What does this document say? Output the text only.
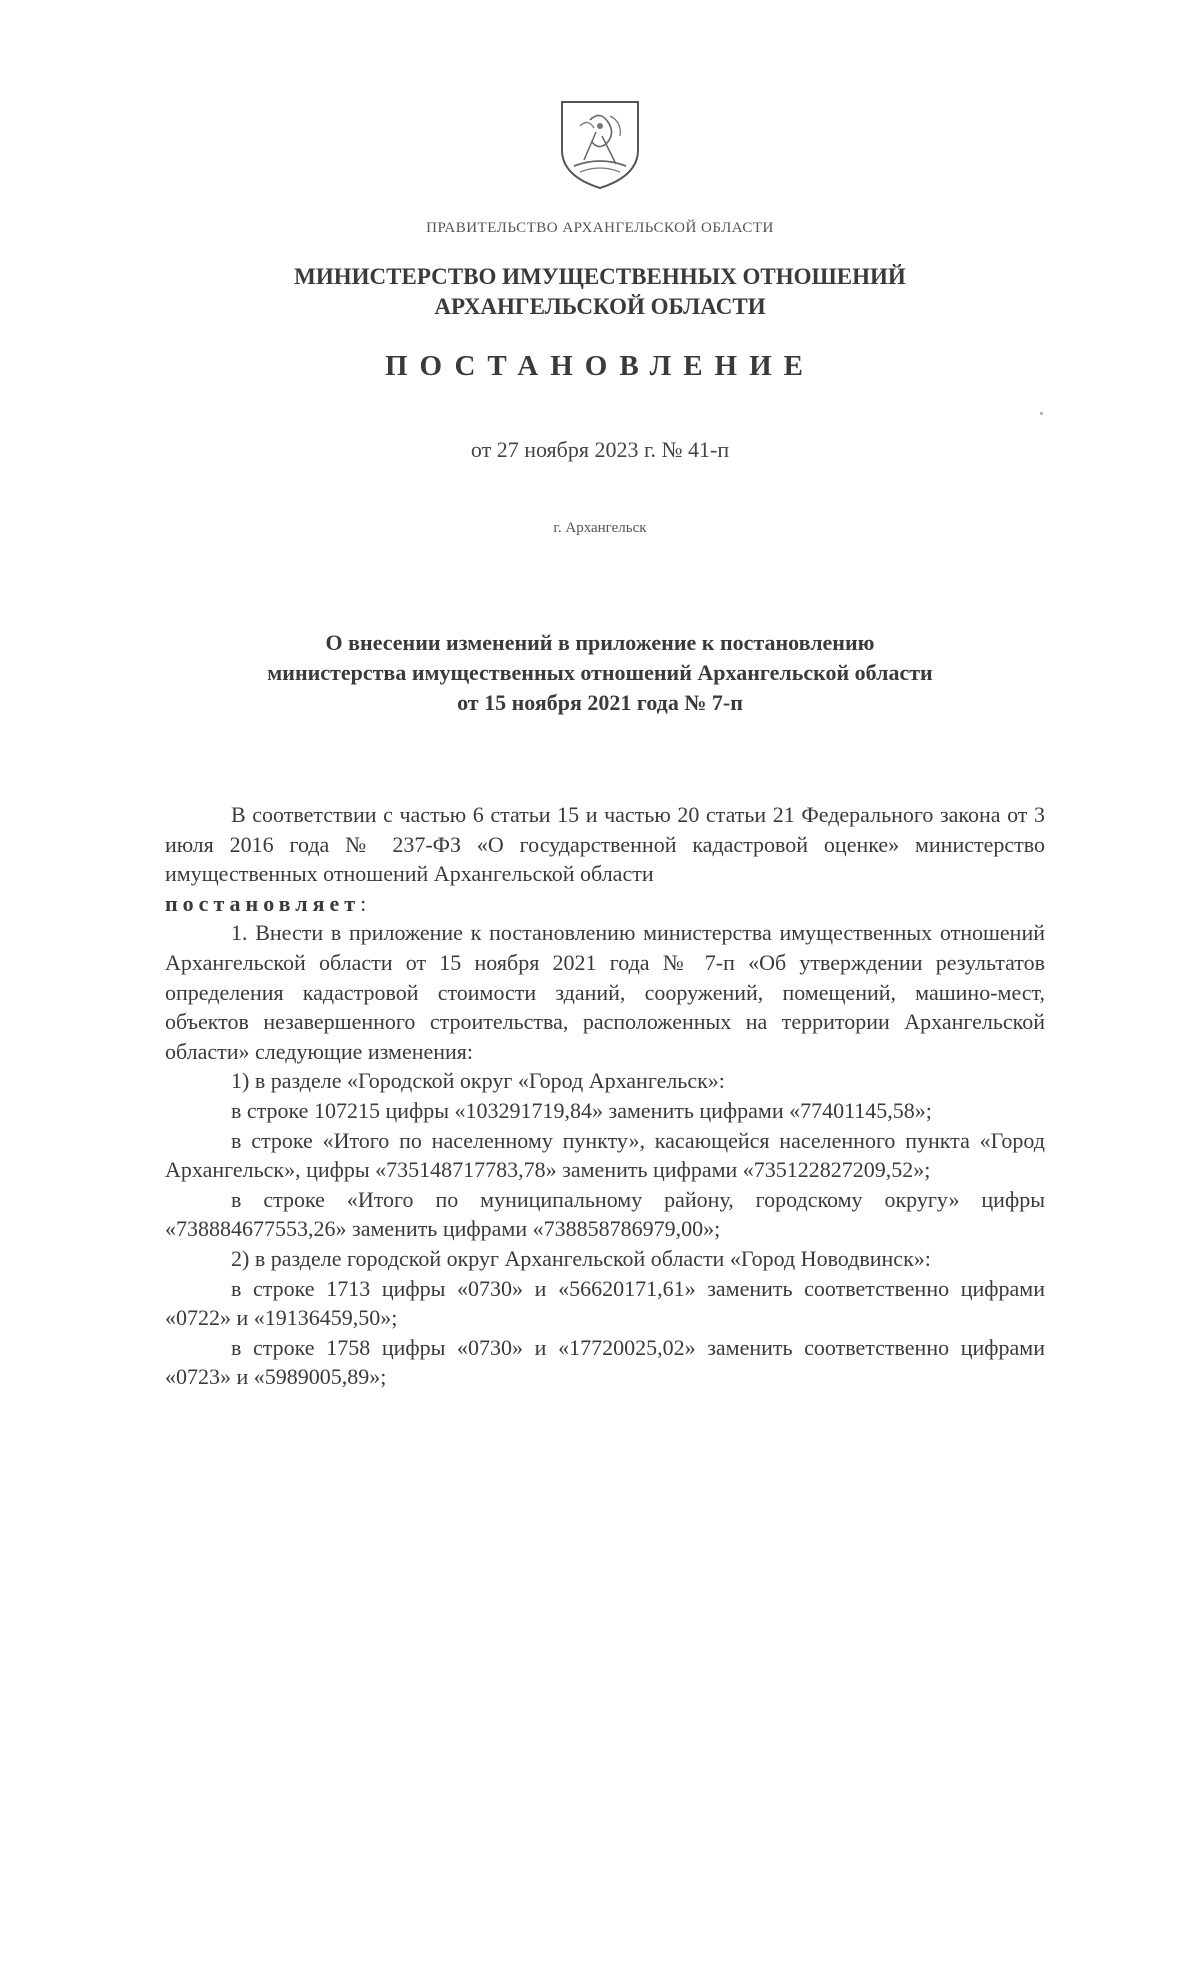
ПРАВИТЕЛЬСТВО АРХАНГЕЛЬСКОЙ ОБЛАСТИ
МИНИСТЕРСТВО ИМУЩЕСТВЕННЫХ ОТНОШЕНИЙ
АРХАНГЕЛЬСКОЙ ОБЛАСТИ
ПОСТАНОВЛЕНИЕ
от 27 ноября 2023 г. № 41-п
г. Архангельск
О внесении изменений в приложение к постановлению
министерства имущественных отношений Архангельской области
от 15 ноября 2021 года № 7-п

В соответствии с частью 6 статьи 15 и частью 20 статьи 21 Федерального закона от 3 июля 2016 года № 237-ФЗ «О государственной кадастровой оценке» министерство имущественных отношений Архангельской области
постановляет:

1. Внести в приложение к постановлению министерства имущественных отношений Архангельской области от 15 ноября 2021 года № 7-п «Об утверждении результатов определения кадастровой стоимости зданий, сооружений, помещений, машино-мест, объектов незавершенного строительства, расположенных на территории Архангельской области» следующие изменения:

1) в разделе «Городской округ «Город Архангельск»:

в строке 107215 цифры «103291719,84» заменить цифрами «77401145,58»;

в строке «Итого по населенному пункту», касающейся населенного пункта «Город Архангельск», цифры «735148717783,78» заменить цифрами «735122827209,52»;

в строке «Итого по муниципальному району, городскому округу» цифры «738884677553,26» заменить цифрами «738858786979,00»;

2) в разделе городской округ Архангельской области «Город Новодвинск»:

в строке 1713 цифры «0730» и «56620171,61» заменить соответственно цифрами «0722» и «19136459,50»;

в строке 1758 цифры «0730» и «17720025,02» заменить соответственно цифрами «0723» и «5989005,89»;
